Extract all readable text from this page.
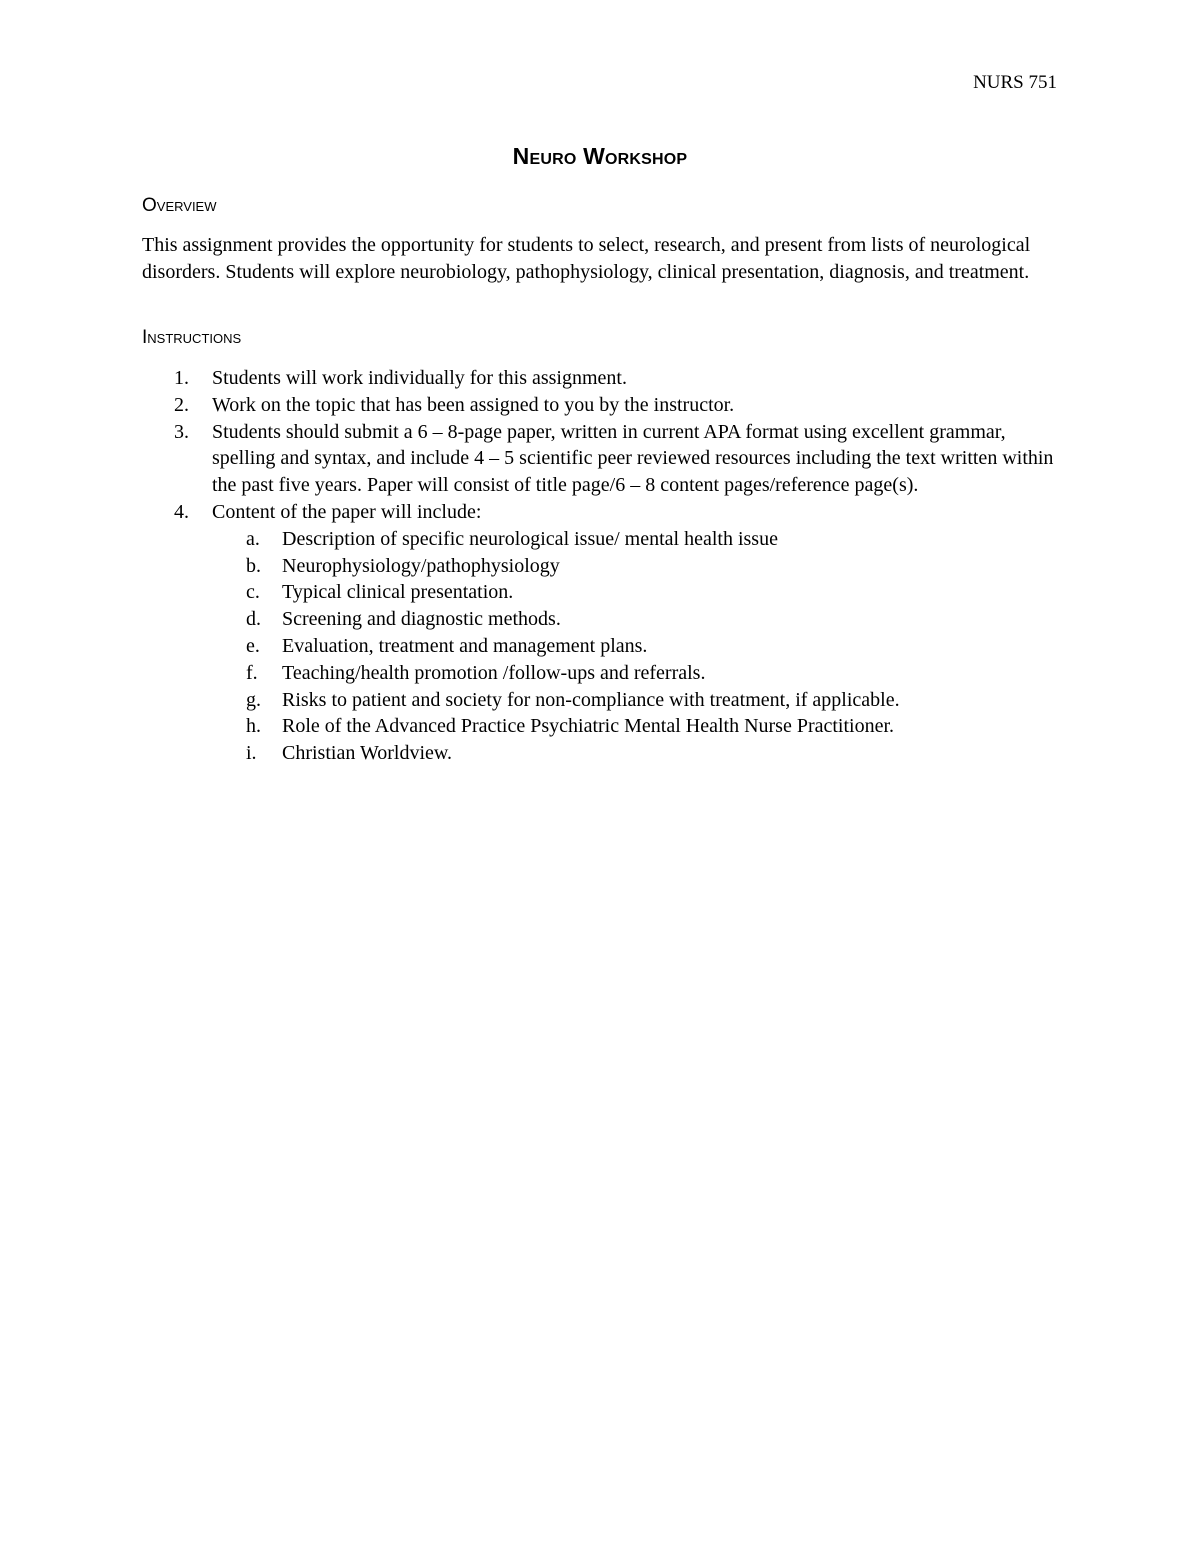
NURS 751
Neuro Workshop
Overview

This assignment provides the opportunity for students to select, research, and present from lists of neurological disorders. Students will explore neurobiology, pathophysiology, clinical presentation, diagnosis, and treatment.

Instructions
1. Students will work individually for this assignment.
2. Work on the topic that has been assigned to you by the instructor.
3. Students should submit a 6 – 8-page paper, written in current APA format using excellent grammar, spelling and syntax, and include 4 – 5 scientific peer reviewed resources including the text written within the past five years. Paper will consist of title page/6 – 8 content pages/reference page(s).
4. Content of the paper will include:
a. Description of specific neurological issue/ mental health issue
b. Neurophysiology/pathophysiology
c. Typical clinical presentation.
d. Screening and diagnostic methods.
e. Evaluation, treatment and management plans.
f. Teaching/health promotion /follow-ups and referrals.
g. Risks to patient and society for non-compliance with treatment, if applicable.
h. Role of the Advanced Practice Psychiatric Mental Health Nurse Practitioner.
i. Christian Worldview.
